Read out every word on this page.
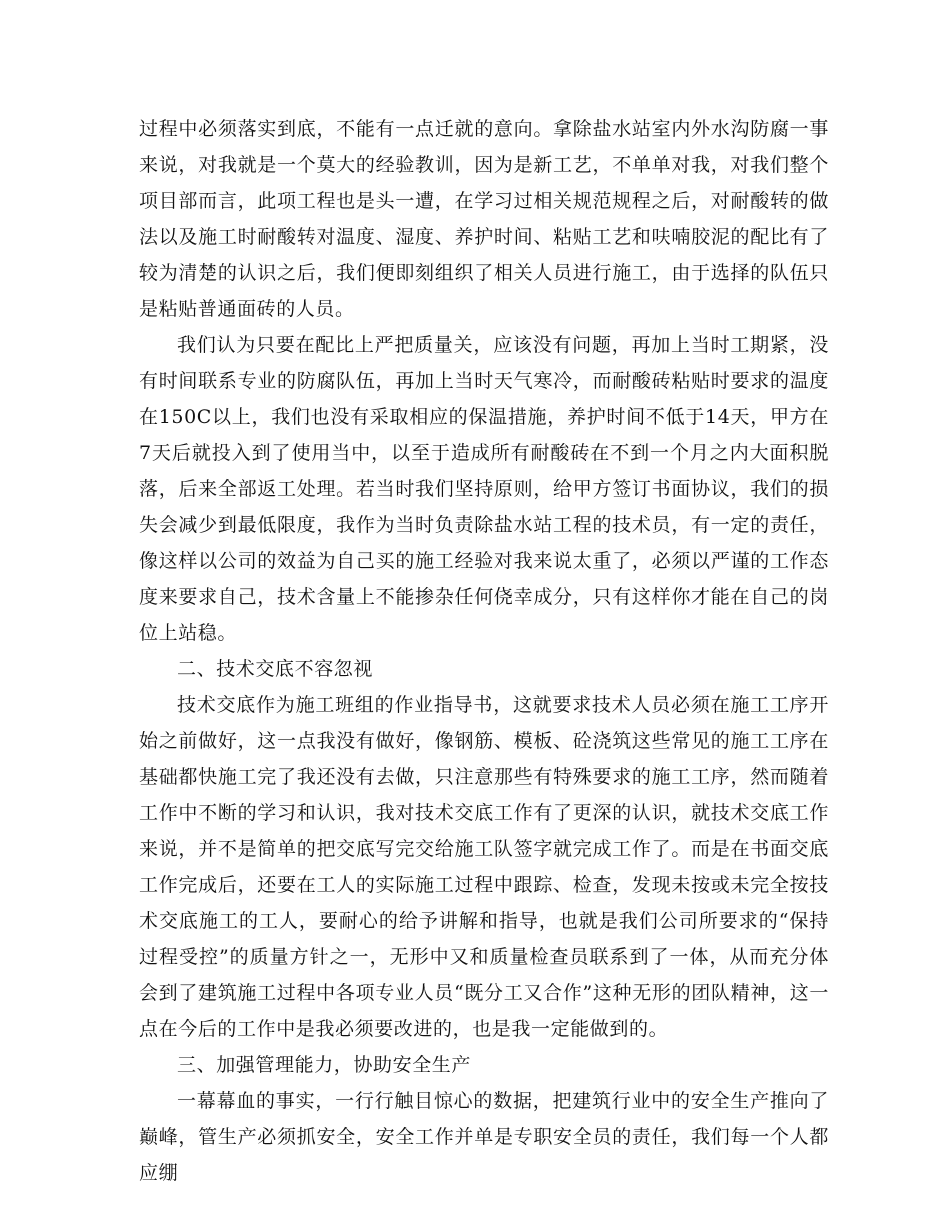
过程中必须落实到底，不能有一点迁就的意向。拿除盐水站室内外水沟防腐一事来说，对我就是一个莫大的经验教训，因为是新工艺，不单单对我，对我们整个项目部而言，此项工程也是头一遭，在学习过相关规范规程之后，对耐酸转的做法以及施工时耐酸转对温度、湿度、养护时间、粘贴工艺和呋喃胶泥的配比有了较为清楚的认识之后，我们便即刻组织了相关人员进行施工，由于选择的队伍只是粘贴普通面砖的人员。

我们认为只要在配比上严把质量关，应该没有问题，再加上当时工期紧，没有时间联系专业的防腐队伍，再加上当时天气寒冷，而耐酸砖粘贴时要求的温度在150C以上，我们也没有采取相应的保温措施，养护时间不低于14天，甲方在7天后就投入到了使用当中，以至于造成所有耐酸砖在不到一个月之内大面积脱落，后来全部返工处理。若当时我们坚持原则，给甲方签订书面协议，我们的损失会减少到最低限度，我作为当时负责除盐水站工程的技术员，有一定的责任，像这样以公司的效益为自己买的施工经验对我来说太重了，必须以严谨的工作态度来要求自己，技术含量上不能掺杂任何侥幸成分，只有这样你才能在自己的岗位上站稳。

二、技术交底不容忽视

技术交底作为施工班组的作业指导书，这就要求技术人员必须在施工工序开始之前做好，这一点我没有做好，像钢筋、模板、砼浇筑这些常见的施工工序在基础都快施工完了我还没有去做，只注意那些有特殊要求的施工工序，然而随着工作中不断的学习和认识，我对技术交底工作有了更深的认识，就技术交底工作来说，并不是简单的把交底写完交给施工队签字就完成工作了。而是在书面交底工作完成后，还要在工人的实际施工过程中跟踪、检查，发现未按或未完全按技术交底施工的工人，要耐心的给予讲解和指导，也就是我们公司所要求的“保持过程受控”的质量方针之一，无形中又和质量检查员联系到了一体，从而充分体会到了建筑施工过程中各项专业人员“既分工又合作”这种无形的团队精神，这一点在今后的工作中是我必须要改进的，也是我一定能做到的。

三、加强管理能力，协助安全生产

一幕幕血的事实，一行行触目惊心的数据，把建筑行业中的安全生产推向了巅峰，管生产必须抓安全，安全工作并单是专职安全员的责任，我们每一个人都应绷
